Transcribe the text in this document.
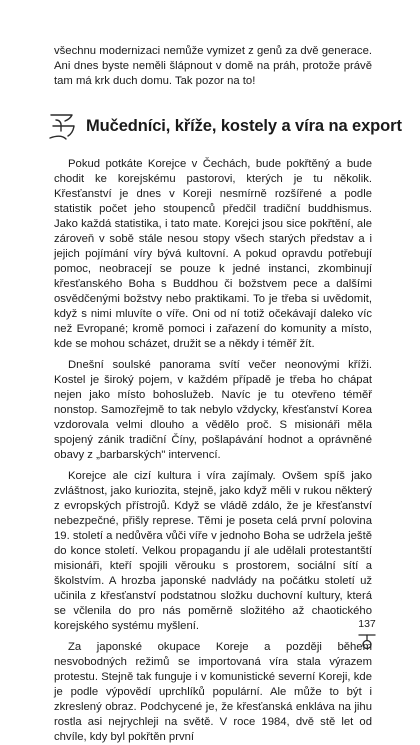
všechnu modernizaci nemůže vymizet z genů za dvě generace. Ani dnes byste neměli šlápnout v domě na práh, protože právě tam má krk duch domu. Tak pozor na to!

Mučedníci, kříže, kostely a víra na export

Pokud potkáte Korejce v Čechách, bude pokřtěný a bude chodit ke korejskému pastorovi, kterých je tu několik. Křesťanství je dnes v Koreji nesmírně rozšířené a podle statistik počet jeho stoupenců předčil tradiční buddhismus. Jako každá statistika, i tato mate. Korejci jsou sice pokřtění, ale zároveň v sobě stále nesou stopy všech starých představ a i jejich pojímání víry bývá kultovní. A pokud opravdu potřebují pomoc, neobracejí se pouze k jedné instanci, zkombinují křesťanského Boha s Buddhou či božstvem pece a dalšími osvědčenými božstvy nebo praktikami. To je třeba si uvědomit, když s nimi mluvíte o víře. Oni od ní totiž očekávají daleko víc než Evropané; kromě pomoci i zařazení do komunity a místo, kde se mohou scházet, družit se a někdy i téměř žít.

Dnešní soulské panorama svítí večer neonovými kříži. Kostel je široký pojem, v každém případě je třeba ho chápat nejen jako místo bohoslužeb. Navíc je tu otevřeno téměř nonstop. Samozřejmě to tak nebylo vždycky, křesťanství Korea vzdorovala velmi dlouho a vědělo proč. S misionáři měla spojený zánik tradiční Číny, pošlapávání hodnot a oprávněné obavy z „barbarských" intervencí.

Korejce ale cizí kultura i víra zajímaly. Ovšem spíš jako zvláštnost, jako kuriozita, stejně, jako když měli v rukou některý z evropských přístrojů. Když se vládě zdálo, že je křesťanství nebezpečné, přišly represe. Těmi je poseta celá první polovina 19. století a nedůvěra vůči víře v jednoho Boha se udržela ještě do konce století. Velkou propagandu jí ale udělali protestantští misionáři, kteří spojili věrouku s prostorem, sociální sítí a školstvím. A hrozba japonské nadvlády na počátku století už učinila z křesťanství podstatnou složku duchovní kultury, která se včlenila do pro nás poměrně složitého až chaotického korejského systému myšlení.

Za japonské okupace Koreje a později během nesvobodných režimů se importovaná víra stala výrazem protestu. Stejně tak funguje i v komunistické severní Koreji, kde je podle výpovědí uprchlíků populární. Ale může to být i zkreslený obraz. Podchycené je, že křesťanská enkláva na jihu rostla asi nejrychleji na světě. V roce 1984, dvě stě let od chvíle, kdy byl pokřtěn první

137
